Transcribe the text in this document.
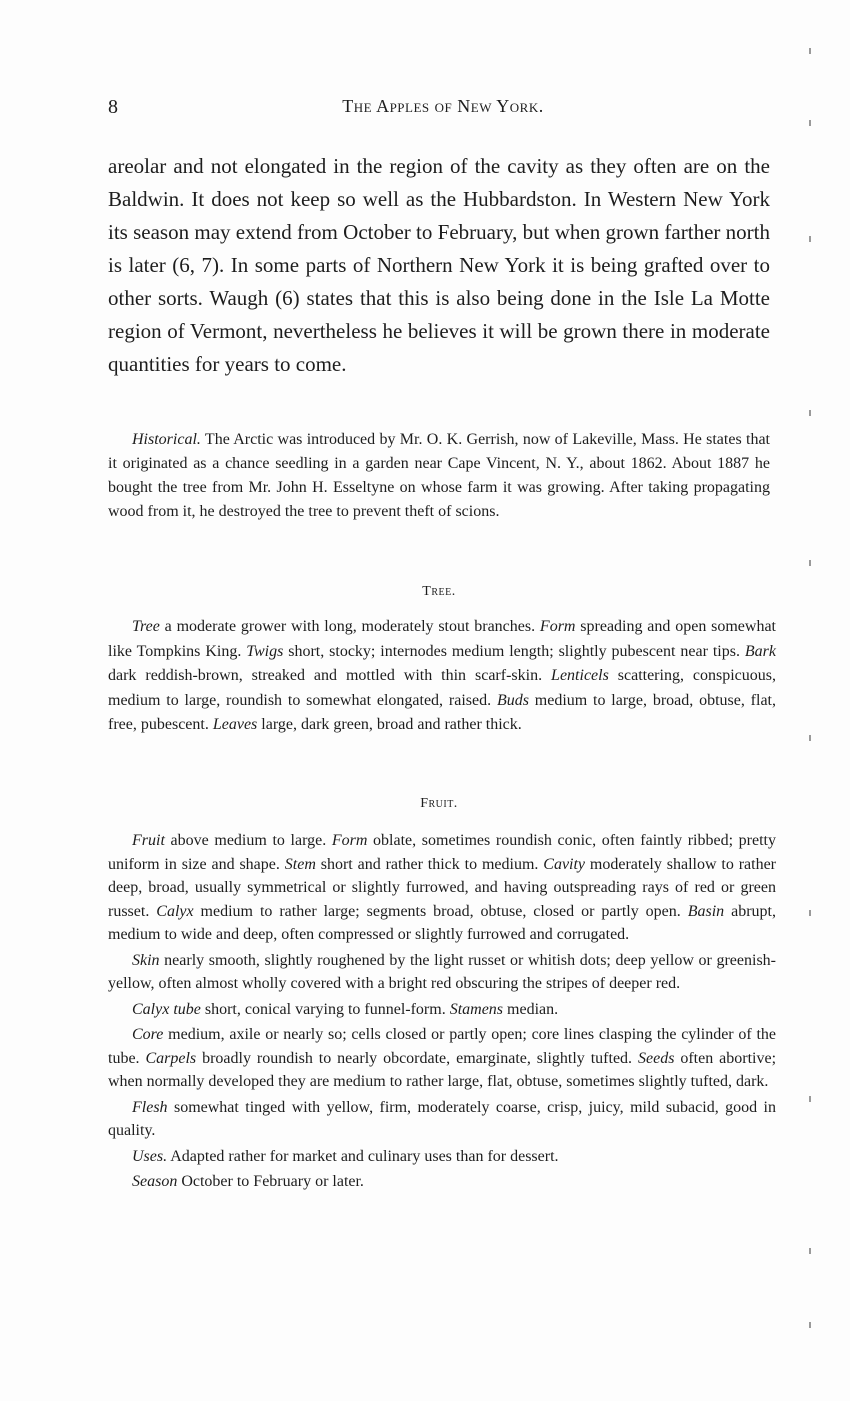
8	The Apples of New York.

areolar and not elongated in the region of the cavity as they often are on the Baldwin. It does not keep so well as the Hubbardston. In Western New York its season may extend from October to February, but when grown farther north is later (6, 7). In some parts of Northern New York it is being grafted over to other sorts. Waugh (6) states that this is also being done in the Isle La Motte region of Vermont, nevertheless he believes it will be grown there in moderate quantities for years to come.

Historical. The Arctic was introduced by Mr. O. K. Gerrish, now of Lakeville, Mass. He states that it originated as a chance seedling in a garden near Cape Vincent, N. Y., about 1862. About 1887 he bought the tree from Mr. John H. Esseltyne on whose farm it was growing. After taking propagating wood from it, he destroyed the tree to prevent theft of scions.

Tree.

Tree a moderate grower with long, moderately stout branches. Form spreading and open somewhat like Tompkins King. Twigs short, stocky; internodes medium length; slightly pubescent near tips. Bark dark reddish-brown, streaked and mottled with thin scarf-skin. Lenticels scattering, conspicuous, medium to large, roundish to somewhat elongated, raised. Buds medium to large, broad, obtuse, flat, free, pubescent. Leaves large, dark green, broad and rather thick.

Fruit.

Fruit above medium to large. Form oblate, sometimes roundish conic, often faintly ribbed; pretty uniform in size and shape. Stem short and rather thick to medium. Cavity moderately shallow to rather deep, broad, usually symmetrical or slightly furrowed, and having outspreading rays of red or green russet. Calyx medium to rather large; segments broad, obtuse, closed or partly open. Basin abrupt, medium to wide and deep, often compressed or slightly furrowed and corrugated.

Skin nearly smooth, slightly roughened by the light russet or whitish dots; deep yellow or greenish-yellow, often almost wholly covered with a bright red obscuring the stripes of deeper red.

Calyx tube short, conical varying to funnel-form. Stamens median.

Core medium, axile or nearly so; cells closed or partly open; core lines clasping the cylinder of the tube. Carpels broadly roundish to nearly obcordate, emarginate, slightly tufted. Seeds often abortive; when normally developed they are medium to rather large, flat, obtuse, sometimes slightly tufted, dark.

Flesh somewhat tinged with yellow, firm, moderately coarse, crisp, juicy, mild subacid, good in quality.

Uses. Adapted rather for market and culinary uses than for dessert.

Season October to February or later.
